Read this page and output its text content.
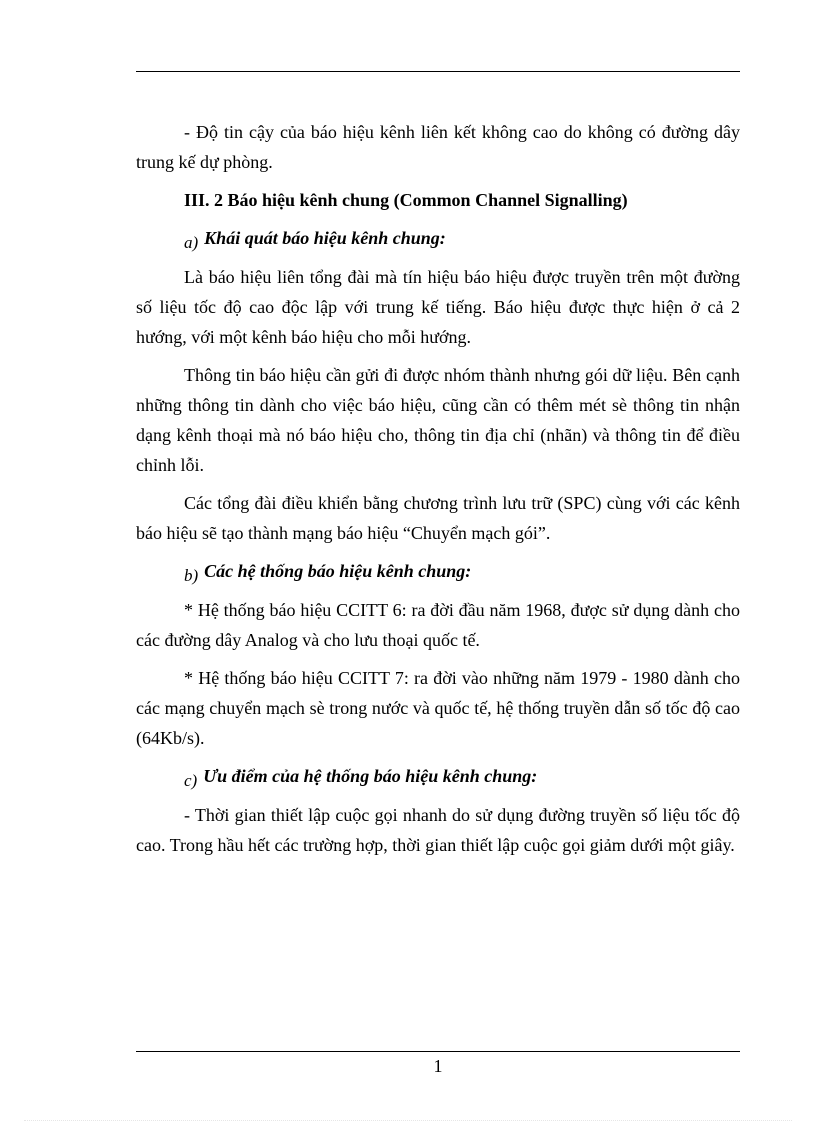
- Độ tin cậy của báo hiệu kênh liên kết không cao do không có đường dây trung kế dự phòng.

III. 2 Báo hiệu kênh chung (Common Channel Signalling)

a) Khái quát báo hiệu kênh chung:

Là báo hiệu liên tổng đài mà tín hiệu báo hiệu được truyền trên một đường số liệu tốc độ cao độc lập với trung kế tiếng. Báo hiệu được thực hiện ở cả 2 hướng, với một kênh báo hiệu cho mỗi hướng.

Thông tin báo hiệu cần gửi đi được nhóm thành nhưng gói dữ liệu. Bên cạnh những thông tin dành cho việc báo hiệu, cũng cần có thêm mét sè thông tin nhận dạng kênh thoại mà nó báo hiệu cho, thông tin địa chỉ (nhãn) và thông tin để điều chỉnh lỗi.

Các tổng đài điều khiển bằng chương trình lưu trữ (SPC) cùng với các kênh báo hiệu sẽ tạo thành mạng báo hiệu “Chuyển mạch gói”.

b) Các hệ thống báo hiệu kênh chung:

* Hệ thống báo hiệu CCITT 6: ra đời đầu năm 1968, được sử dụng dành cho các đường dây Analog và cho lưu thoại quốc tế.

* Hệ thống báo hiệu CCITT 7: ra đời vào những năm 1979 - 1980 dành cho các mạng chuyển mạch sè trong nước và quốc tế, hệ thống truyền dẫn số tốc độ cao (64Kb/s).

c) Ưu điểm của hệ thống báo hiệu kênh chung:

- Thời gian thiết lập cuộc gọi nhanh do sử dụng đường truyền số liệu tốc độ cao. Trong hầu hết các trường hợp, thời gian thiết lập cuộc gọi giảm dưới một giây.

1
